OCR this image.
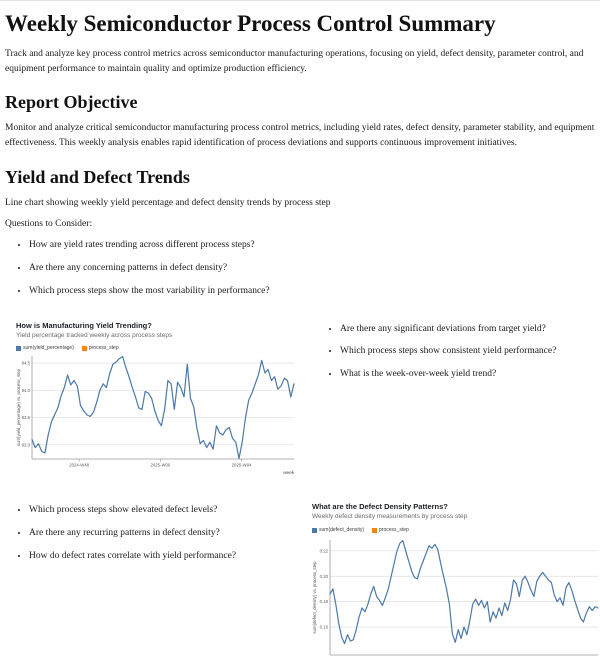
Weekly Semiconductor Process Control Summary

Track and analyze key process control metrics across semiconductor manufacturing operations, focusing on yield, defect density, parameter control, and equipment performance to maintain quality and optimize production efficiency.

Report Objective

Monitor and analyze critical semiconductor manufacturing process control metrics, including yield rates, defect density, parameter stability, and equipment effectiveness. This weekly analysis enables rapid identification of process deviations and supports continuous improvement initiatives.

Yield and Defect Trends

Line chart showing weekly yield percentage and defect density trends by process step

Questions to Consider:

• How are yield rates trending across different process steps?
• Are there any concerning patterns in defect density?
• Which process steps show the most variability in performance?
How is Manufacturing Yield Trending?
Yield percentage tracked weekly across process steps
sum(yield_percentage)	process_step
93.0
93.5
94.0
94.5
2024-W48	2025-W00	2025-W04
week
sum(yield_percentage) vs. process_step
• Are there any significant deviations from target yield?
• Which process steps show consistent yield performance?
• What is the week-over-week yield trend?
• Which process steps show elevated defect levels?
• Are there any recurring patterns in defect density?
• How do defect rates correlate with yield performance?
What are the Defect Density Patterns?
Weekly defect density measurements by process step
sum(defect_density)	process_step
0.16
0.18
0.20
0.22
sum(defect_density) vs. process_step
